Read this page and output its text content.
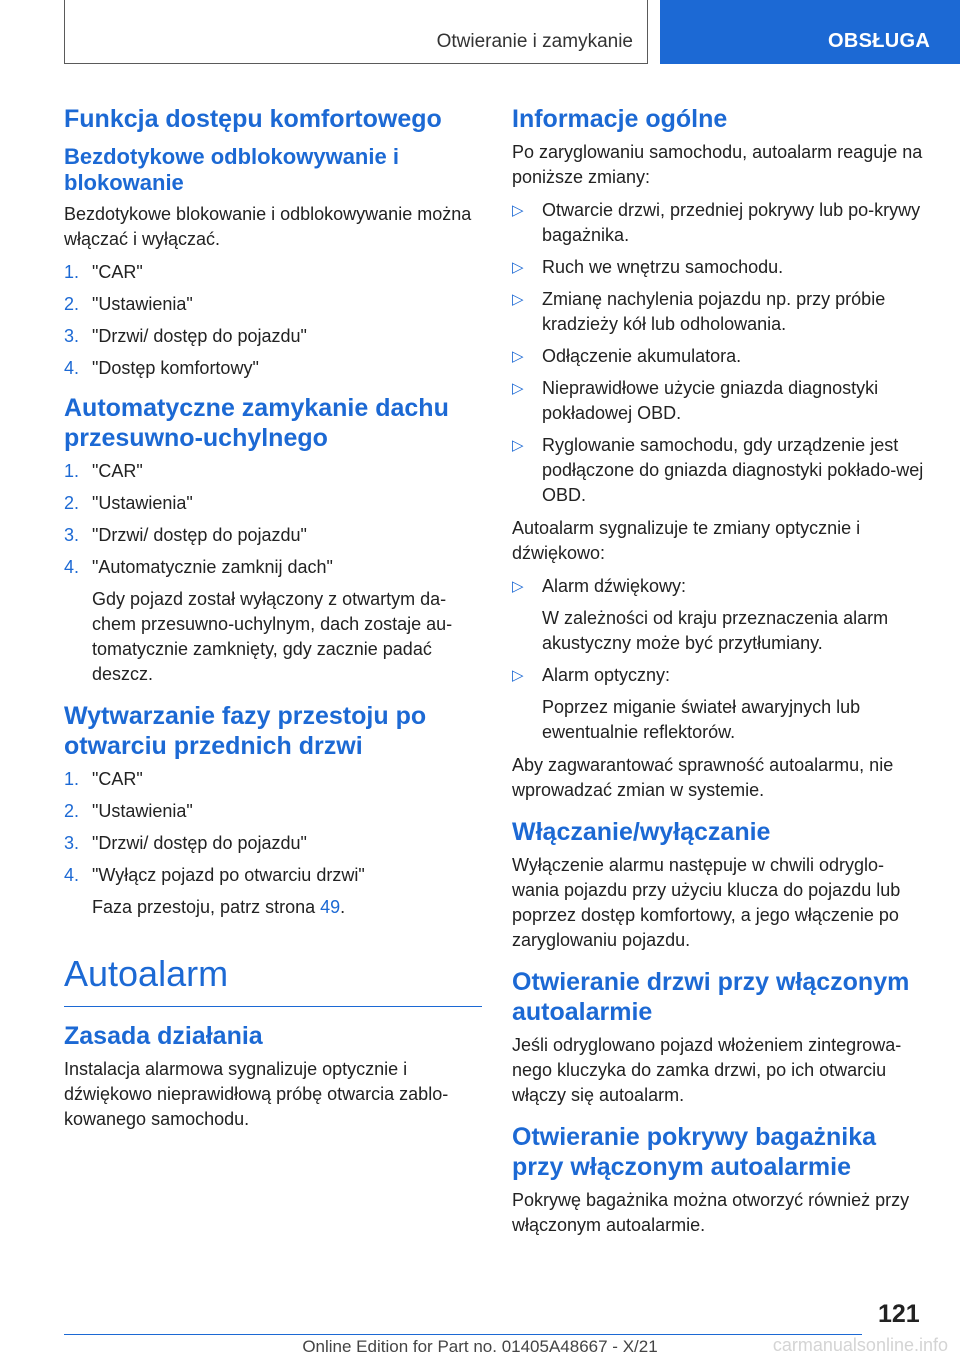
Otwieranie i zamykanie	OBSŁUGA
Funkcja dostępu komfortowego
Bezdotykowe odblokowywanie i blokowanie

Bezdotykowe blokowanie i odblokowywanie można włączać i wyłączać.

1. "CAR"
2. "Ustawienia"
3. "Drzwi/ dostęp do pojazdu"
4. "Dostęp komfortowy"
Automatyczne zamykanie dachu przesuwno-uchylnego
1. "CAR"
2. "Ustawienia"
3. "Drzwi/ dostęp do pojazdu"
4. "Automatycznie zamknij dach"

Gdy pojazd został wyłączony z otwartym da‐chem przesuwno-uchylnym, dach zostaje au‐tomatycznie zamknięty, gdy zacznie padać deszcz.

Wytwarzanie fazy przestoju po otwarciu przednich drzwi
1. "CAR"
2. "Ustawienia"
3. "Drzwi/ dostęp do pojazdu"
4. "Wyłącz pojazd po otwarciu drzwi"

Faza przestoju, patrz strona 49.

Autoalarm
Zasada działania

Instalacja alarmowa sygnalizuje optycznie i dźwiękowo nieprawidłową próbę otwarcia zablo‐kowanego samochodu.

Informacje ogólne

Po zaryglowaniu samochodu, autoalarm reaguje na poniższe zmiany:

▷ Otwarcie drzwi, przedniej pokrywy lub po‐krywy bagażnika.
▷ Ruch we wnętrzu samochodu.
▷ Zmianę nachylenia pojazdu np. przy próbie kradzieży kół lub odholowania.
▷ Odłączenie akumulatora.
▷ Nieprawidłowe użycie gniazda diagnostyki pokładowej OBD.
▷ Ryglowanie samochodu, gdy urządzenie jest podłączone do gniazda diagnostyki pokłado‐wej OBD.

Autoalarm sygnalizuje te zmiany optycznie i dźwiękowo:

▷ Alarm dźwiękowy:
W zależności od kraju przeznaczenia alarm akustyczny może być przytłumiany.
▷ Alarm optyczny:
Poprzez miganie świateł awaryjnych lub ewentualnie reflektorów.

Aby zagwarantować sprawność autoalarmu, nie wprowadzać zmian w systemie.

Włączanie/wyłączanie

Wyłączenie alarmu następuje w chwili odryglo‐wania pojazdu przy użyciu klucza do pojazdu lub poprzez dostęp komfortowy, a jego włączenie po zaryglowaniu pojazdu.

Otwieranie drzwi przy włączonym autoalarmie

Jeśli odryglowano pojazd włożeniem zintegrowa‐nego kluczyka do zamka drzwi, po ich otwarciu włączy się autoalarm.

Otwieranie pokrywy bagażnika przy włączonym autoalarmie

Pokrywę bagażnika można otworzyć również przy włączonym autoalarmie.

121
Online Edition for Part no. 01405A48667 - X/21	carmanualsonline.info
